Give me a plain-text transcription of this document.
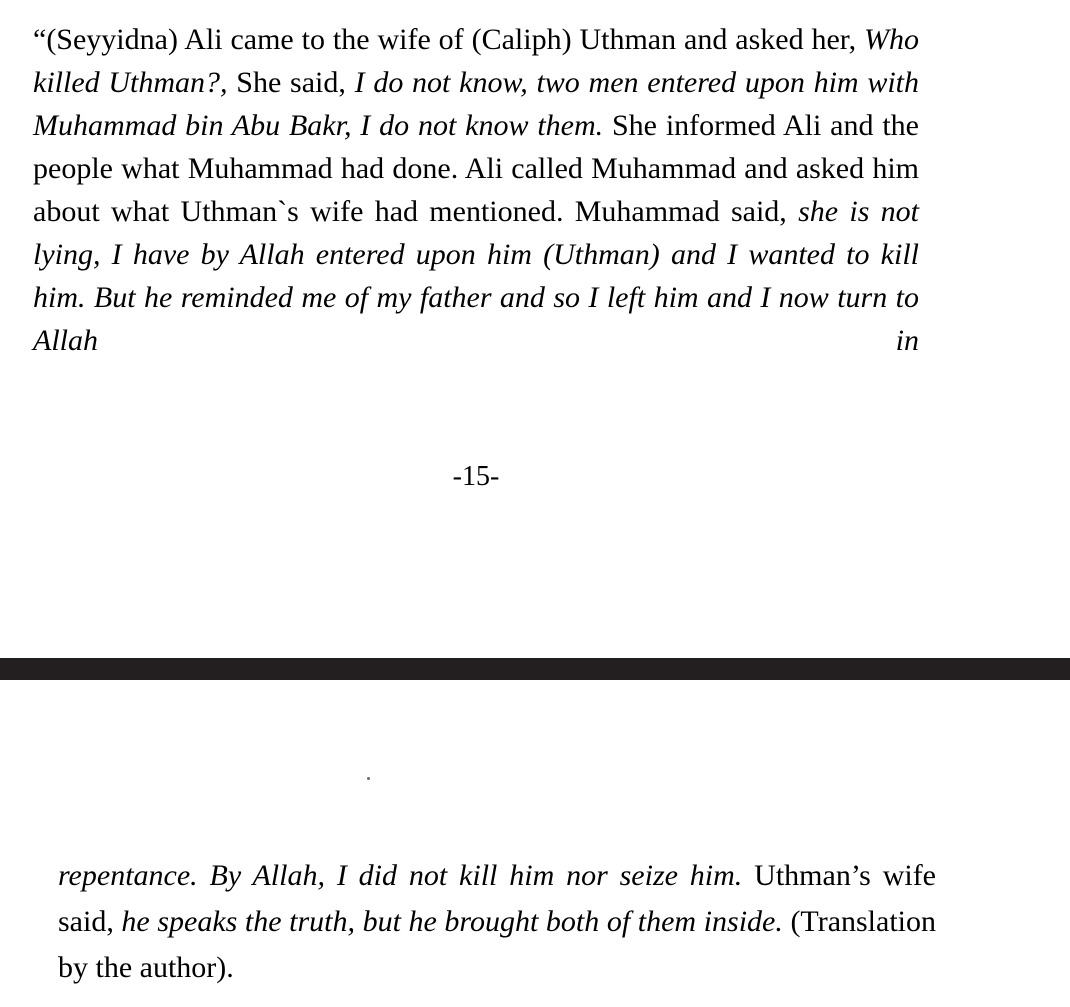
“(Seyyidna) Ali came to the wife of (Caliph) Uthman and asked her, Who killed Uthman?, She said, I do not know, two men entered upon him with Muhammad bin Abu Bakr, I do not know them. She informed Ali and the people what Muhammad had done. Ali called Muhammad and asked him about what Uthman`s wife had mentioned. Muhammad said, she is not lying, I have by Allah entered upon him (Uthman) and I wanted to kill him. But he reminded me of my father and so I left him and I now turn to Allah in

-15-

repentance. By Allah, I did not kill him nor seize him. Uthman’s wife said, he speaks the truth, but he brought both of them inside. (Translation by the author).
